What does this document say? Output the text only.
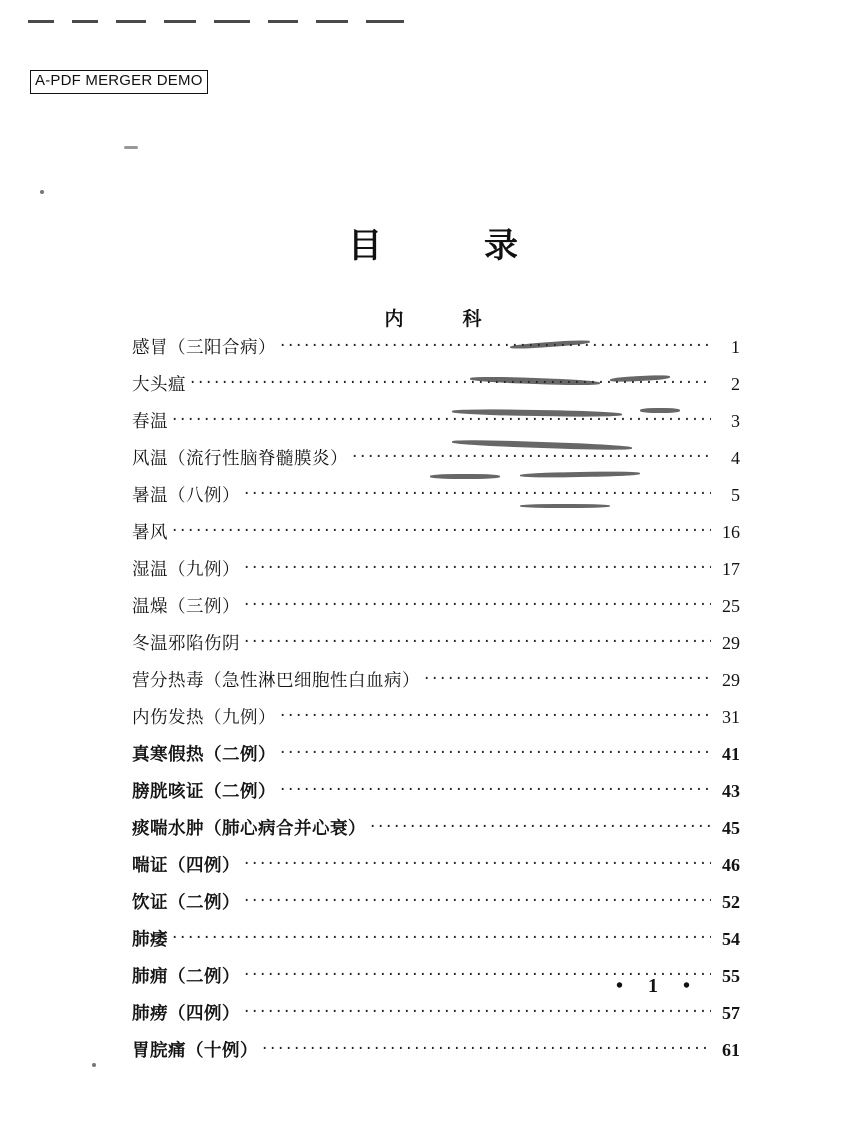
A-PDF MERGER DEMO
目　录
内　科
感冒（三阳合病） ·····	1
大头瘟 ·····	2
春温 ·····	3
风温（流行性脑脊髓膜炎） ·····	4
暑温（八例） ·····	5
暑风 ·····	16
湿温（九例） ·····	17
温燥（三例） ·····	25
冬温邪陷伤阴 ·····	29
营分热毒（急性淋巴细胞性白血病） ·····	29
内伤发热（九例） ·····	31
真寒假热（二例） ·····	41
膀胱咳证（二例） ·····	43
痰喘水肿（肺心病合并心衰） ·····	45
喘证（四例） ·····	46
饮证（二例） ·····	52
肺痿 ·····	54
肺痈（二例） ·····	55
肺痨（四例） ·····	57
胃脘痛（十例） ·····	61
• 1 •
